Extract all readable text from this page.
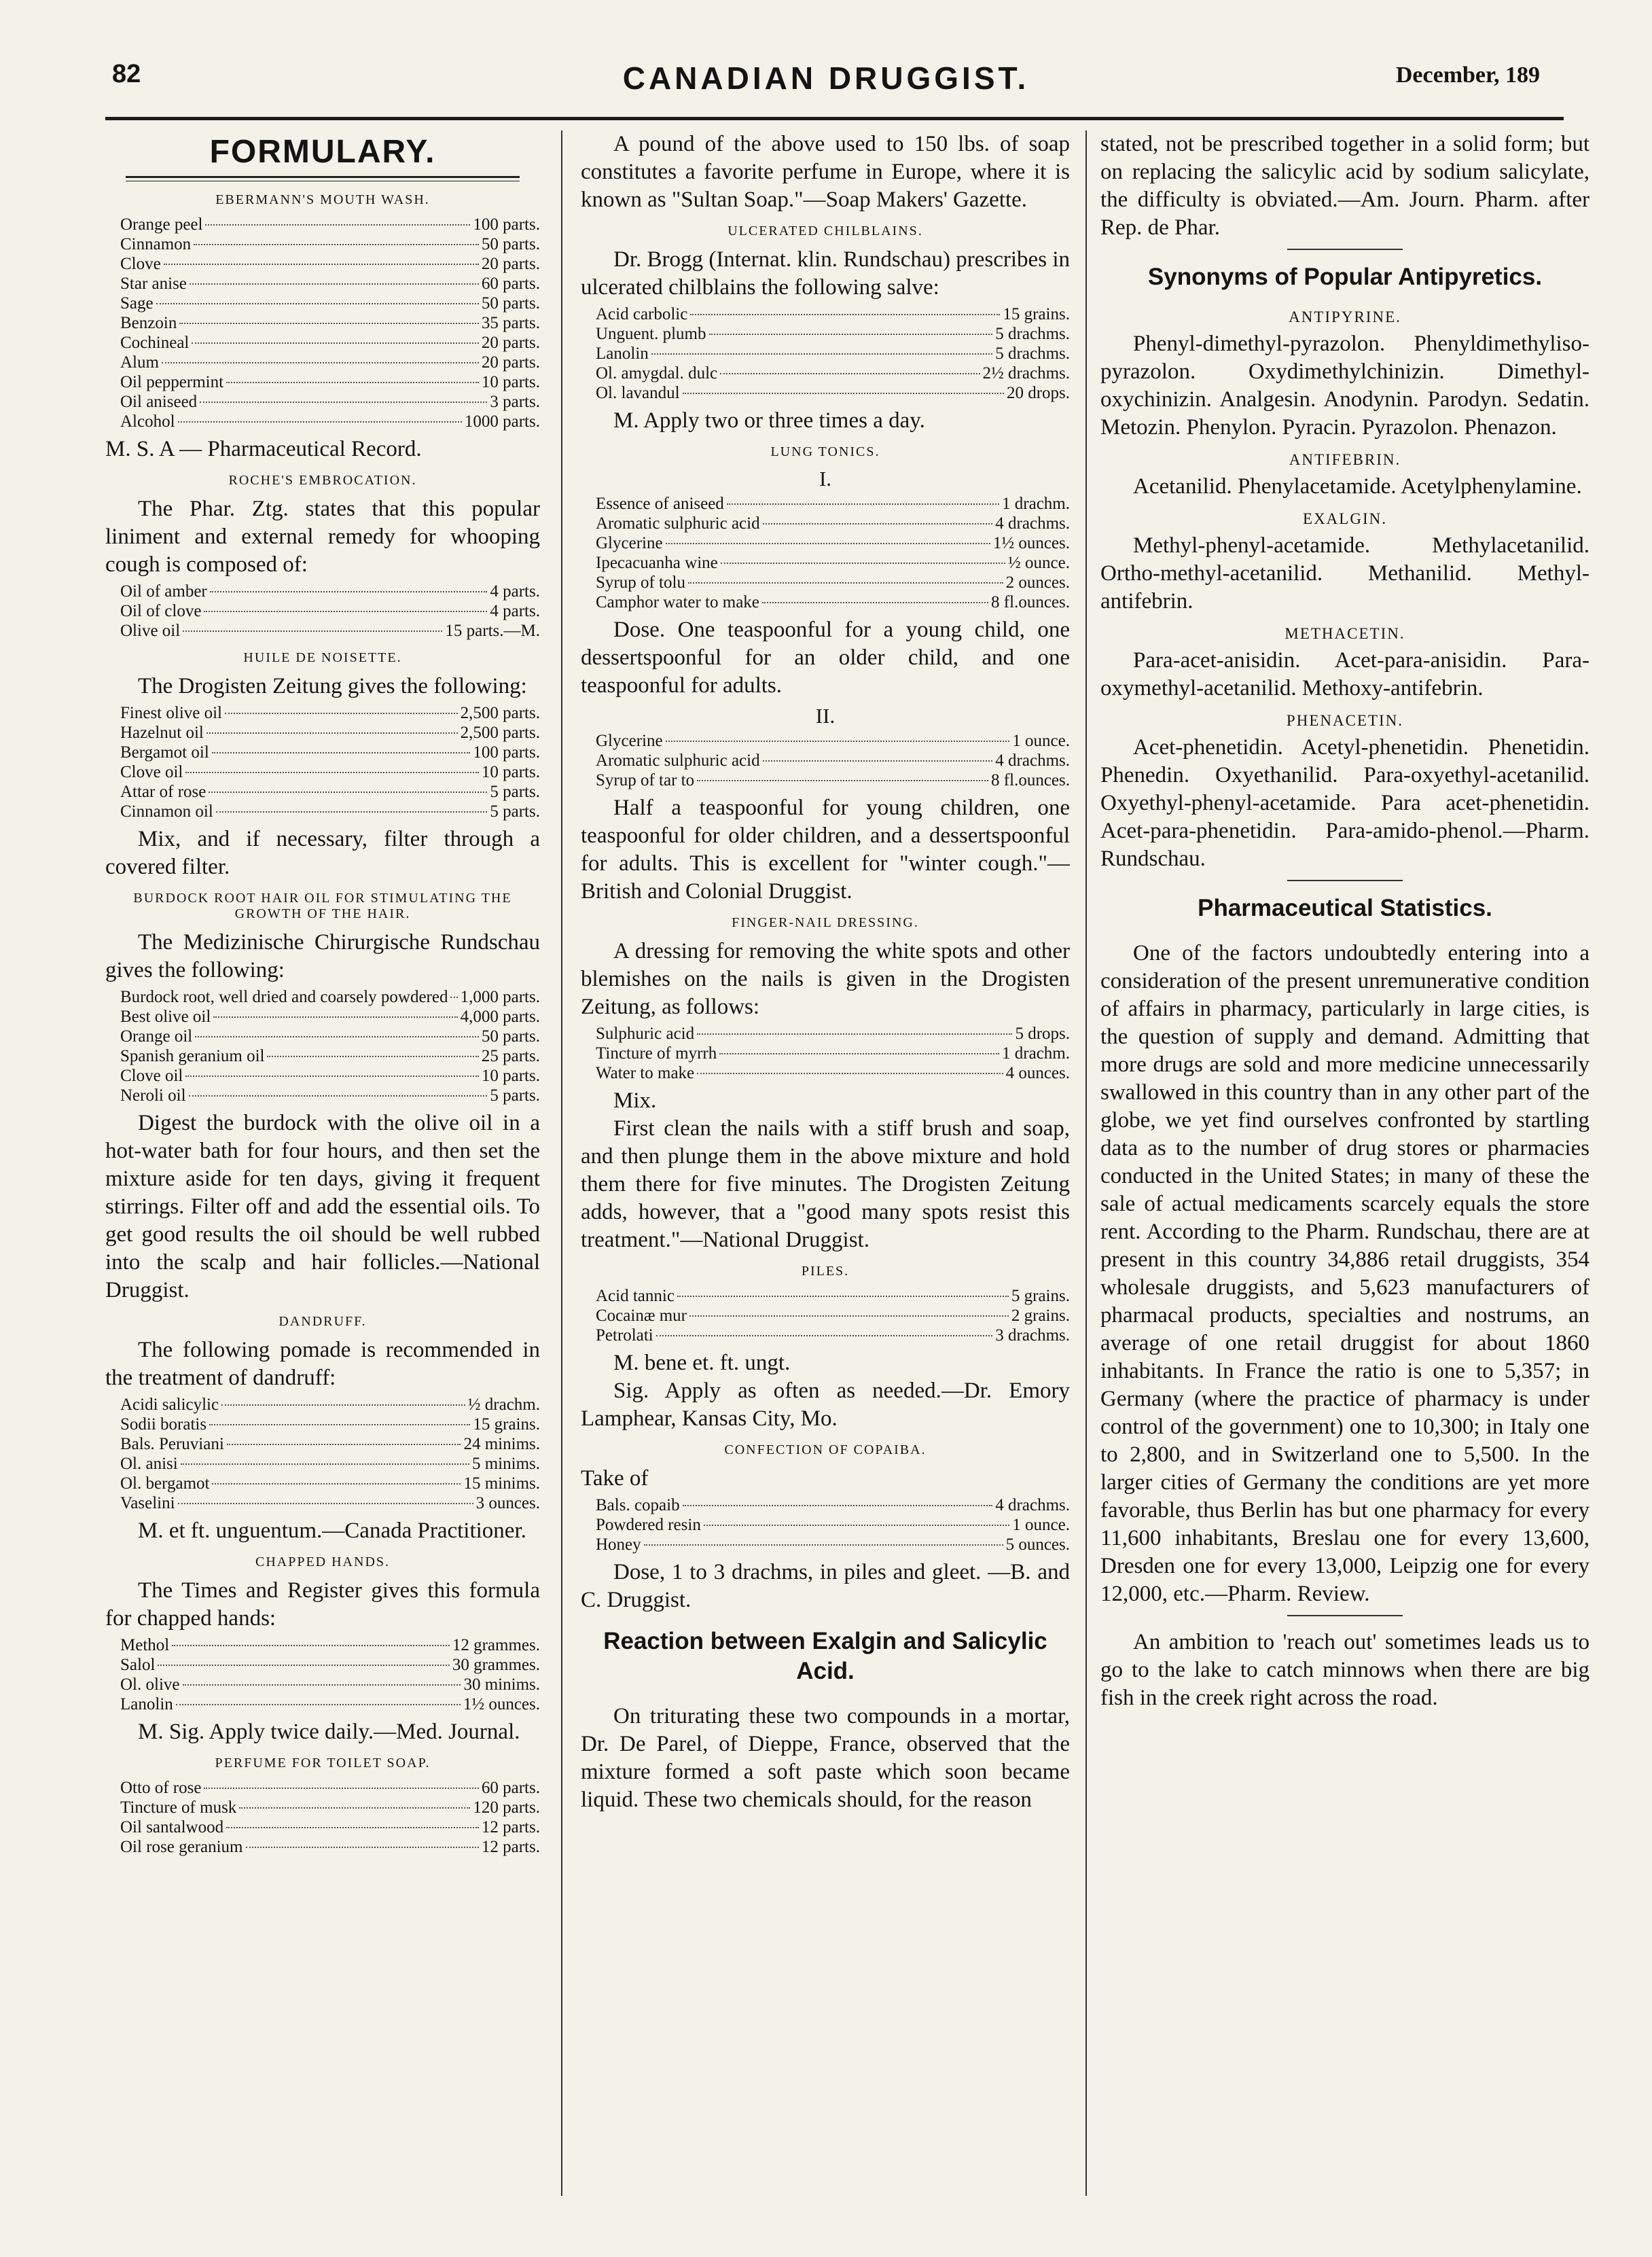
82	CANADIAN DRUGGIST.	December, 189
FORMULARY.
EBERMANN'S MOUTH WASH.
Orange peel	100 parts.
Cinnamon	50 parts.
Clove	20 parts.
Star anise	60 parts.
Sage	50 parts.
Benzoin	35 parts.
Cochineal	20 parts.
Alum	20 parts.
Oil peppermint	10 parts.
Oil aniseed	3 parts.
Alcohol	1000 parts.
M. S. A — Pharmaceutical Record.
ROCHE'S EMBROCATION.
The Phar. Ztg. states that this popular liniment and external remedy for whooping cough is composed of:
Oil of amber	4 parts.
Oil of clove	4 parts.
Olive oil	15 parts.—M.
HUILE DE NOISETTE.
The Drogisten Zeitung gives the following:
Finest olive oil	2,500 parts.
Hazelnut oil	2,500 parts.
Bergamot oil	100 parts.
Clove oil	10 parts.
Attar of rose	5 parts.
Cinnamon oil	5 parts.
Mix, and if necessary, filter through a covered filter.
BURDOCK ROOT HAIR OIL FOR STIMULATING THE GROWTH OF THE HAIR.
The Medizinische Chirurgische Rundschau gives the following:
Burdock root, well dried and coarsely powdered 1,000 parts.
Best olive oil	4,000 parts.
Orange oil	50 parts.
Spanish geranium oil	25 parts.
Clove oil	10 parts.
Neroli oil	5 parts.
Digest the burdock with the olive oil in a hot-water bath for four hours, and then set the mixture aside for ten days, giving it frequent stirrings. Filter off and add the essential oils. To get good results the oil should be well rubbed into the scalp and hair follicles.—National Druggist.
DANDRUFF.
The following pomade is recommended in the treatment of dandruff:
Acidi salicylic	½ drachm.
Sodii boratis	15 grains.
Bals. Peruviani	24 minims.
Ol. anisi	5 minims.
Ol. bergamot	15 minims.
Vaselini	3 ounces.
M. et ft. unguentum.—Canada Practitioner.
CHAPPED HANDS.
The Times and Register gives this formula for chapped hands:
Methol	12 grammes.
Salol	30 grammes.
Ol. olive	30 minims.
Lanolin	1½ ounces.
M. Sig. Apply twice daily.—Med. Journal.
PERFUME FOR TOILET SOAP.
Otto of rose	60 parts.
Tincture of musk	120 parts.
Oil santalwood	12 parts.
Oil rose geranium	12 parts.
A pound of the above used to 150 lbs. of soap constitutes a favorite perfume in Europe, where it is known as "Sultan Soap."—Soap Makers' Gazette.
ULCERATED CHILBLAINS.
Dr. Brogg (Internat. klin. Rundschau) prescribes in ulcerated chilblains the following salve:
Acid carbolic	15 grains.
Unguent. plumb	5 drachms.
Lanolin	5 drachms.
Ol. amygdal. dulc	2½ drachms.
Ol. lavandul	20 drops.
M. Apply two or three times a day.
LUNG TONICS.
I.
Essence of aniseed	1 drachm.
Aromatic sulphuric acid	4 drachms.
Glycerine	1½ ounces.
Ipecacuanha wine	½ ounce.
Syrup of tolu	2 ounces.
Camphor water to make	8 fl.ounces.
Dose. One teaspoonful for a young child, one dessertspoonful for an older child, and one teaspoonful for adults.
II.
Glycerine	1 ounce.
Aromatic sulphuric acid	4 drachms.
Syrup of tar to	8 fl.ounces.
Half a teaspoonful for young children, one teaspoonful for older children, and a dessertspoonful for adults. This is excellent for "winter cough."—British and Colonial Druggist.
FINGER-NAIL DRESSING.
A dressing for removing the white spots and other blemishes on the nails is given in the Drogisten Zeitung, as follows:
Sulphuric acid	5 drops.
Tincture of myrrh	1 drachm.
Water to make	4 ounces.
Mix.
First clean the nails with a stiff brush and soap, and then plunge them in the above mixture and hold them there for five minutes. The Drogisten Zeitung adds, however, that a "good many spots resist this treatment."—National Druggist.
PILES.
Acid tannic	5 grains.
Cocainæ mur	2 grains.
Petrolati	3 drachms.
M. bene et. ft. ungt.
Sig. Apply as often as needed.—Dr. Emory Lamphear, Kansas City, Mo.
CONFECTION OF COPAIBA.
Take of
Bals. copaib	4 drachms.
Powdered resin	1 ounce.
Honey	5 ounces.
Dose, 1 to 3 drachms, in piles and gleet. —B. and C. Druggist.
Reaction between Exalgin and Salicylic Acid.
On triturating these two compounds in a mortar, Dr. De Parel, of Dieppe, France, observed that the mixture formed a soft paste which soon became liquid. These two chemicals should, for the reason
stated, not be prescribed together in a solid form; but on replacing the salicylic acid by sodium salicylate, the difficulty is obviated.—Am. Journ. Pharm. after Rep. de Phar.
Synonyms of Popular Antipyretics.
ANTIPYRINE.
Phenyl-dimethyl-pyrazolon. Phenyldimethyliso-pyrazolon. Oxydimethylchinizin. Dimethyl-oxychinizin. Analgesin. Anodynin. Parodyn. Sedatin. Metozin. Phenylon. Pyracin. Pyrazolon. Phenazon.
ANTIFEBRIN.
Acetanilid. Phenylacetamide. Acetylphenylamine.
EXALGIN.
Methyl-phenyl-acetamide. Methylacetanilid. Ortho-methyl-acetanilid. Methanilid. Methyl-antifebrin.
METHACETIN.
Para-acet-anisidin. Acet-para-anisidin. Para-oxymethyl-acetanilid. Methoxy-antifebrin.
PHENACETIN.
Acet-phenetidin. Acetyl-phenetidin. Phenetidin. Phenedin. Oxyethanilid. Para-oxyethyl-acetanilid. Oxyethyl-phenyl-acetamide. Para acet-phenetidin. Acet-para-phenetidin. Para-amido-phenol.—Pharm. Rundschau.
Pharmaceutical Statistics.
One of the factors undoubtedly entering into a consideration of the present unremunerative condition of affairs in pharmacy, particularly in large cities, is the question of supply and demand. Admitting that more drugs are sold and more medicine unnecessarily swallowed in this country than in any other part of the globe, we yet find ourselves confronted by startling data as to the number of drug stores or pharmacies conducted in the United States; in many of these the sale of actual medicaments scarcely equals the store rent. According to the Pharm. Rundschau, there are at present in this country 34,886 retail druggists, 354 wholesale druggists, and 5,623 manufacturers of pharmacal products, specialties and nostrums, an average of one retail druggist for about 1860 inhabitants. In France the ratio is one to 5,357; in Germany (where the practice of pharmacy is under control of the government) one to 10,300; in Italy one to 2,800, and in Switzerland one to 5,500. In the larger cities of Germany the conditions are yet more favorable, thus Berlin has but one pharmacy for every 11,600 inhabitants, Breslau one for every 13,600, Dresden one for every 13,000, Leipzig one for every 12,000, etc.—Pharm. Review.
An ambition to 'reach out' sometimes leads us to go to the lake to catch minnows when there are big fish in the creek right across the road.
